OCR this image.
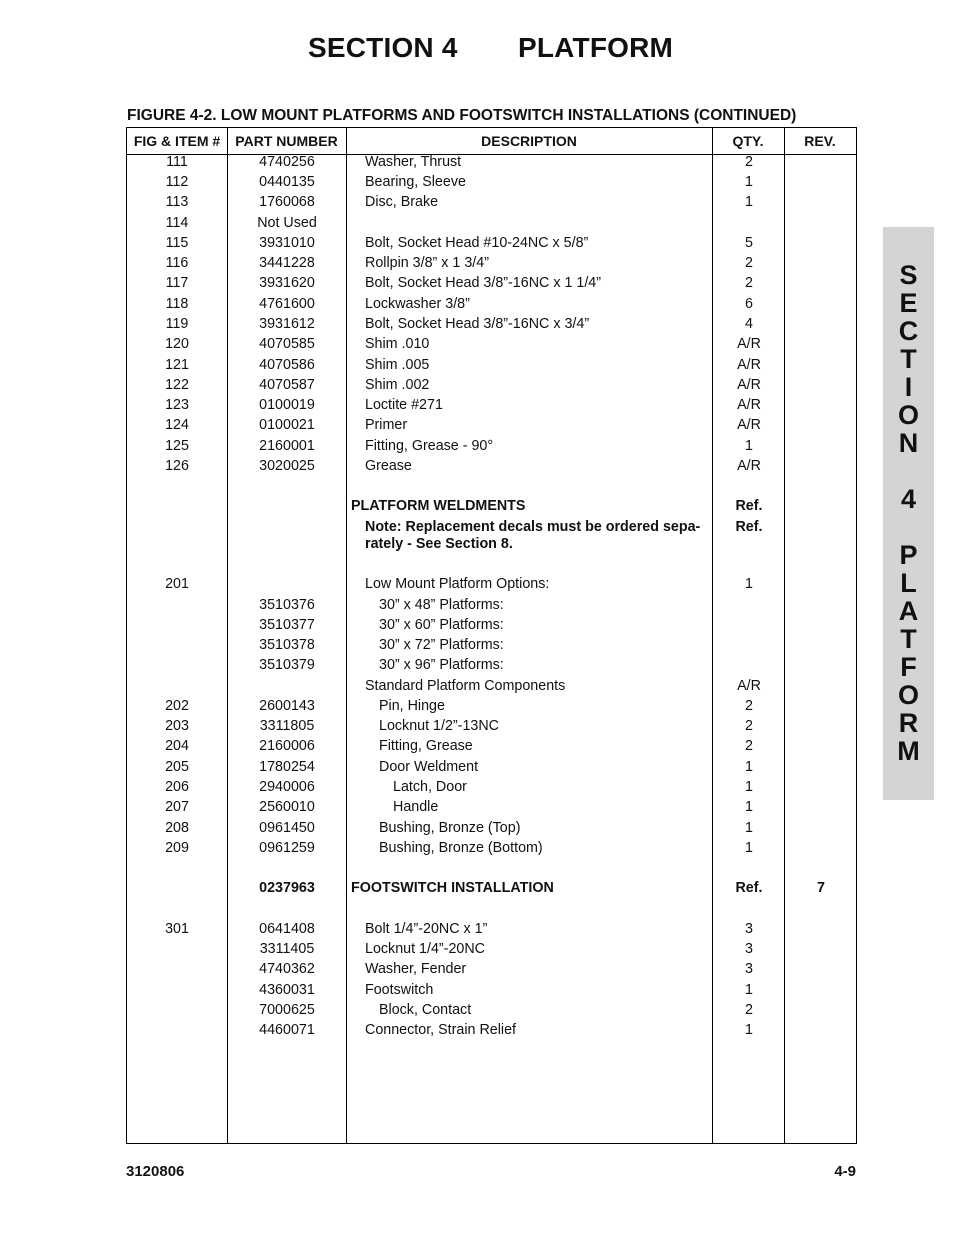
SECTION 4 PLATFORM
FIGURE 4-2. LOW MOUNT PLATFORMS AND FOOTSWITCH INSTALLATIONS (CONTINUED)
FIG & ITEM #	PART NUMBER	DESCRIPTION	QTY.	REV.
111	4740256	Washer, Thrust	2
112	0440135	Bearing, Sleeve	1
113	1760068	Disc, Brake	1
114	Not Used
115	3931010	Bolt, Socket Head #10-24NC x 5/8”	5
116	3441228	Rollpin 3/8” x 1 3/4”	2
117	3931620	Bolt, Socket Head 3/8”-16NC x 1 1/4”	2
118	4761600	Lockwasher 3/8”	6
119	3931612	Bolt, Socket Head 3/8”-16NC x 3/4”	4
120	4070585	Shim .010	A/R
121	4070586	Shim .005	A/R
122	4070587	Shim .002	A/R
123	0100019	Loctite #271	A/R
124	0100021	Primer	A/R
125	2160001	Fitting, Grease - 90°	1
126	3020025	Grease	A/R
PLATFORM WELDMENTS	Ref.
Note: Replacement decals must be ordered sepa-	Ref.
rately - See Section 8.
201	Low Mount Platform Options:	1
3510376	30” x 48” Platforms:
3510377	30” x 60” Platforms:
3510378	30” x 72” Platforms:
3510379	30” x 96” Platforms:
Standard Platform Components	A/R
202	2600143	Pin, Hinge	2
203	3311805	Locknut 1/2”-13NC	2
204	2160006	Fitting, Grease	2
205	1780254	Door Weldment	1
206	2940006	Latch, Door	1
207	2560010	Handle	1
208	0961450	Bushing, Bronze (Top)	1
209	0961259	Bushing, Bronze (Bottom)	1
0237963	FOOTSWITCH INSTALLATION	Ref.	7
301	0641408	Bolt 1/4”-20NC x 1”	3
3311405	Locknut 1/4”-20NC	3
4740362	Washer, Fender	3
4360031	Footswitch	1
7000625	Block, Contact	2
4460071	Connector, Strain Relief	1
S
E
C
T
I
O
N
4
P
L
A
T
F
O
R
M
3120806	4-9
